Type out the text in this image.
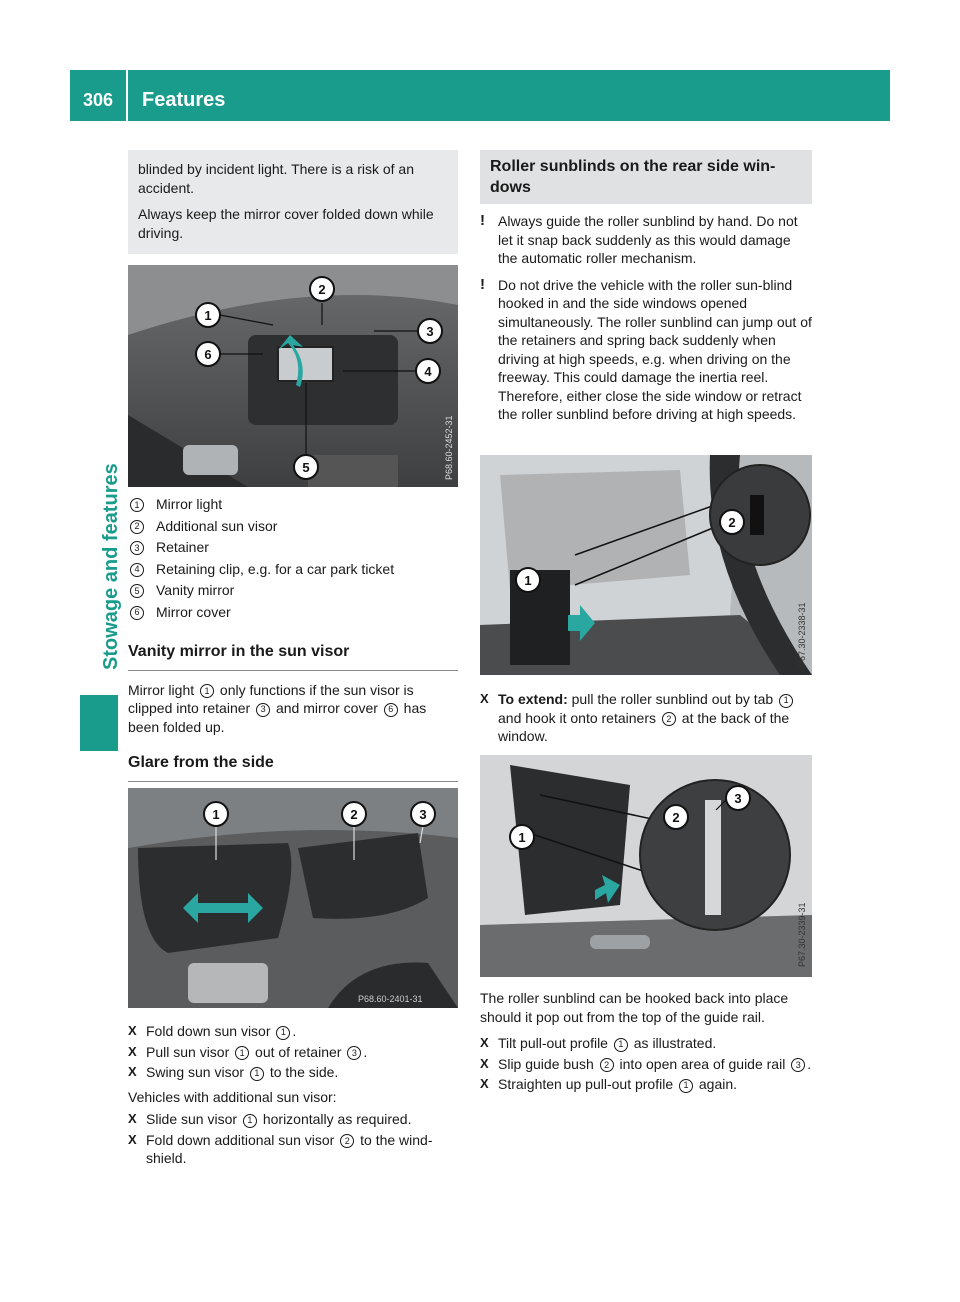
306	Features
Stowage and features

blinded by incident light. There is a risk of an accident.

Always keep the mirror cover folded down while driving.

1
2
3
4
5
6
P68.60-2452-31
1	Mirror light
2	Additional sun visor
3	Retainer
4	Retaining clip, e.g. for a car park ticket
5	Vanity mirror
6	Mirror cover
Vanity mirror in the sun visor

Mirror light 1 only functions if the sun visor is clipped into retainer 3 and mirror cover 6 has been folded up.

Glare from the side
1	2	3
P68.60-2401-31
X Fold down sun visor 1 .
X Pull sun visor 1 out of retainer 3 .
X Swing sun visor 1 to the side.

Vehicles with additional sun visor:

X Slide sun visor 1 horizontally as required.
X Fold down additional sun visor 2 to the wind-shield.
Roller sunblinds on the rear side win-dows
! Always guide the roller sunblind by hand. Do not let it snap back suddenly as this would damage the automatic roller mechanism.
! Do not drive the vehicle with the roller sun-blind hooked in and the side windows opened simultaneously. The roller sunblind can jump out of the retainers and spring back suddenly when driving at high speeds, e.g. when driving on the freeway. This could damage the inertia reel. Therefore, either close the side window or retract the roller sunblind before driving at high speeds.
1
2
P67.30-2338-31
X To extend: pull the roller sunblind out by tab 1 and hook it onto retainers 2 at the back of the window.
1
2
3
P67.30-2339-31

The roller sunblind can be hooked back into place should it pop out from the top of the guide rail.

X Tilt pull-out profile 1 as illustrated.
X Slip guide bush 2 into open area of guide rail 3 .
X Straighten up pull-out profile 1 again.
